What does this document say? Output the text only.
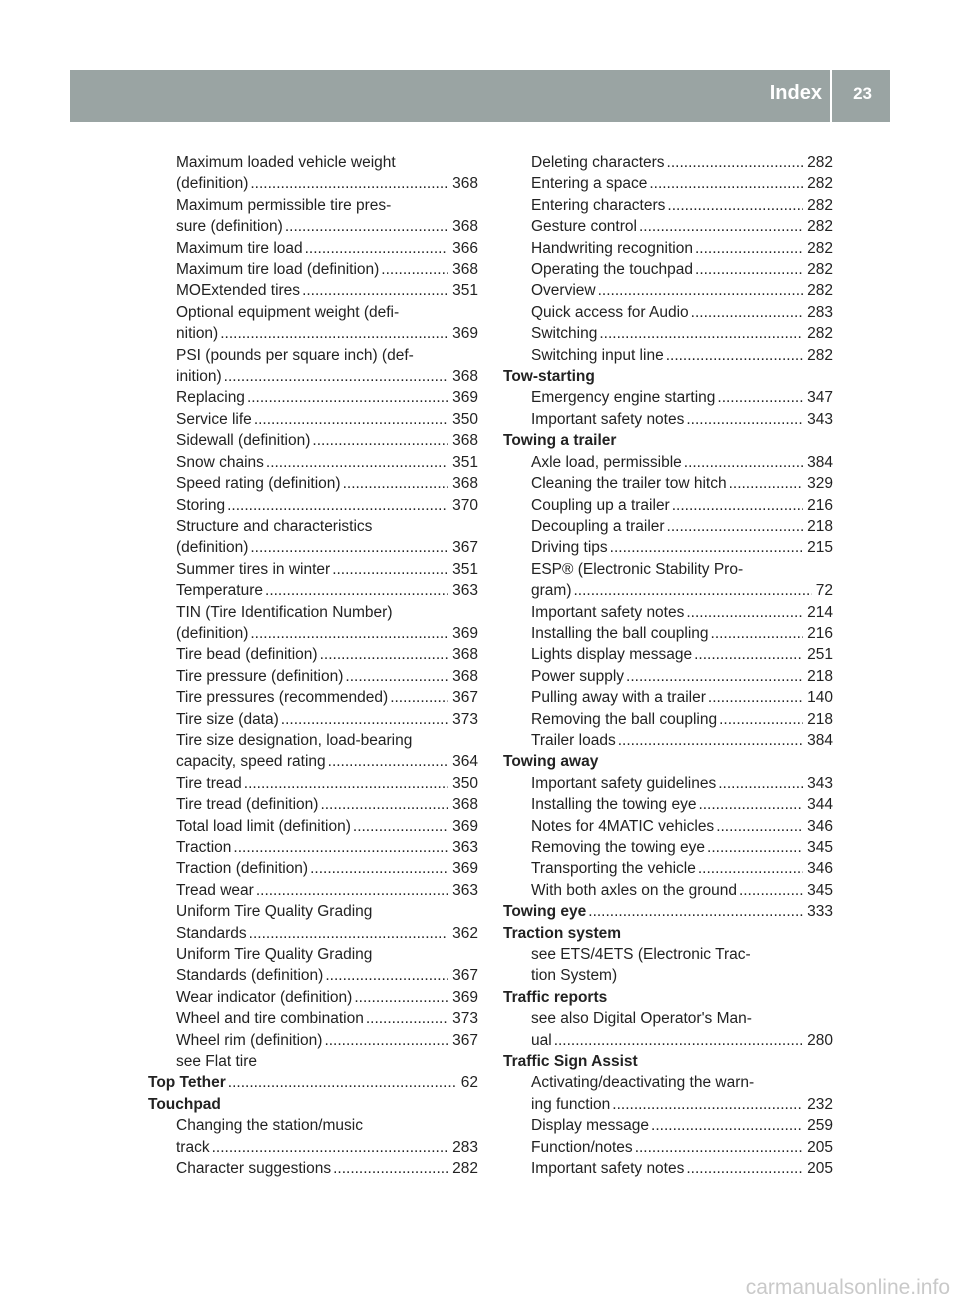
Index 23
Maximum loaded vehicle weight
(definition) .....	368
Maximum permissible tire pres-
sure (definition) .....	368
Maximum tire load .....	366
Maximum tire load (definition) .....	368
MOExtended tires .....	351
Optional equipment weight (defi-
nition) .....	369
PSI (pounds per square inch) (def-
inition) .....	368
Replacing .....	369
Service life .....	350
Sidewall (definition) .....	368
Snow chains .....	351
Speed rating (definition) .....	368
Storing .....	370
Structure and characteristics
(definition) .....	367
Summer tires in winter .....	351
Temperature .....	363
TIN (Tire Identification Number)
(definition) .....	369
Tire bead (definition) .....	368
Tire pressure (definition) .....	368
Tire pressures (recommended) .....	367
Tire size (data) .....	373
Tire size designation, load-bearing
capacity, speed rating .....	364
Tire tread .....	350
Tire tread (definition) .....	368
Total load limit (definition) .....	369
Traction .....	363
Traction (definition) .....	369
Tread wear .....	363
Uniform Tire Quality Grading
Standards .....	362
Uniform Tire Quality Grading
Standards (definition) .....	367
Wear indicator (definition) .....	369
Wheel and tire combination .....	373
Wheel rim (definition) .....	367
see Flat tire
Top Tether .....	62
Touchpad
Changing the station/music
track .....	283
Character suggestions .....	282
Deleting characters .....	282
Entering a space .....	282
Entering characters .....	282
Gesture control .....	282
Handwriting recognition .....	282
Operating the touchpad .....	282
Overview .....	282
Quick access for Audio .....	283
Switching .....	282
Switching input line .....	282
Tow-starting
Emergency engine starting .....	347
Important safety notes .....	343
Towing a trailer
Axle load, permissible .....	384
Cleaning the trailer tow hitch .....	329
Coupling up a trailer .....	216
Decoupling a trailer .....	218
Driving tips .....	215
ESP® (Electronic Stability Pro-
gram) .....	72
Important safety notes .....	214
Installing the ball coupling .....	216
Lights display message .....	251
Power supply .....	218
Pulling away with a trailer .....	140
Removing the ball coupling .....	218
Trailer loads .....	384
Towing away
Important safety guidelines .....	343
Installing the towing eye .....	344
Notes for 4MATIC vehicles .....	346
Removing the towing eye .....	345
Transporting the vehicle .....	346
With both axles on the ground .....	345
Towing eye .....	333
Traction system
see ETS/4ETS (Electronic Trac-
tion System)
Traffic reports
see also Digital Operator's Man-
ual .....	280
Traffic Sign Assist
Activating/deactivating the warn-
ing function .....	232
Display message .....	259
Function/notes .....	205
Important safety notes .....	205
carmanualsonline.info
